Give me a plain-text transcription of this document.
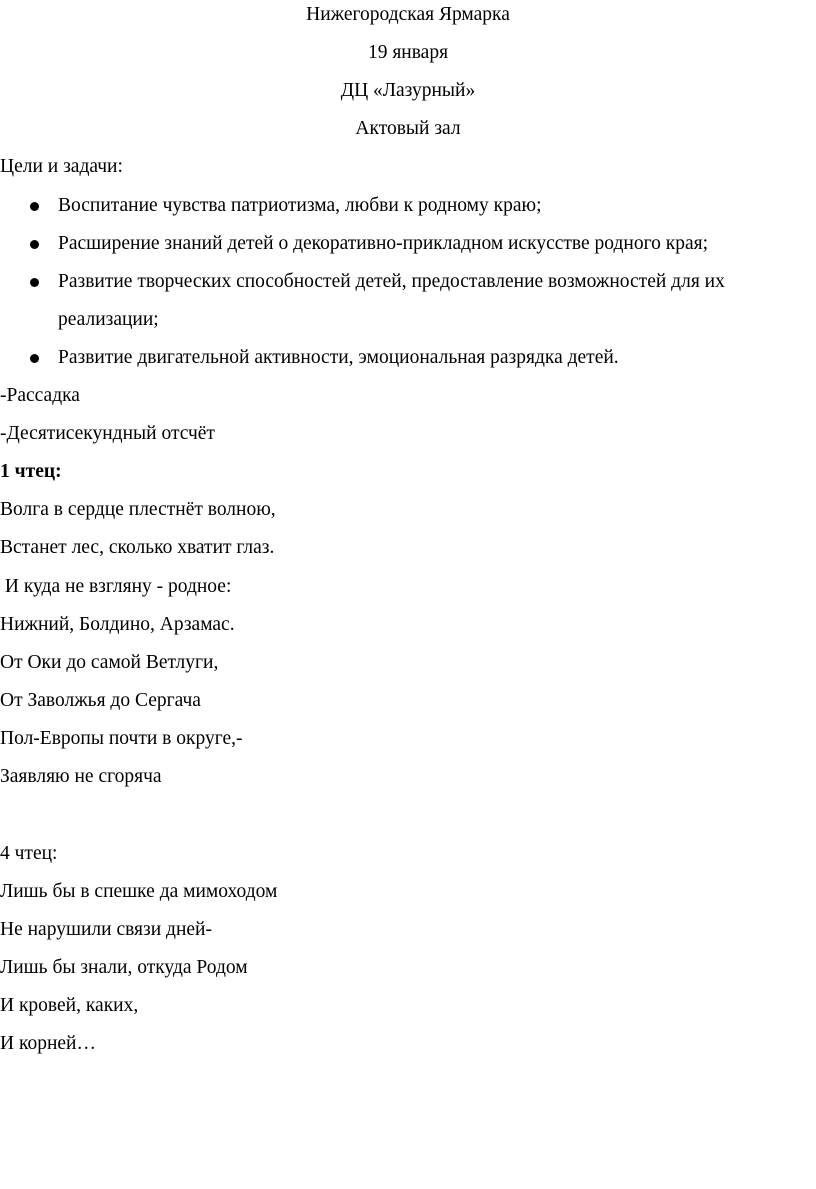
Нижегородская Ярмарка
19 января
ДЦ «Лазурный»
Актовый зал
Цели и задачи:
Воспитание чувства патриотизма, любви к родному краю;
Расширение знаний детей о декоративно-прикладном искусстве родного края;
Развитие творческих способностей детей, предоставление возможностей для их
реализации;
Развитие двигательной активности, эмоциональная разрядка детей.
-Рассадка
-Десятисекундный отсчёт
1 чтец:
Волга в сердце плестнёт волною,
Встанет лес, сколько хватит глаз.
И куда не взгляну - родное:
Нижний, Болдино, Арзамас.
От Оки до самой Ветлуги,
От Заволжья до Сергача
Пол-Европы почти в округе,-
Заявляю не сгоряча
4 чтец:
Лишь бы в спешке да мимоходом
Не нарушили связи дней-
Лишь бы знали, откуда Родом
И кровей, каких,
И корней…
